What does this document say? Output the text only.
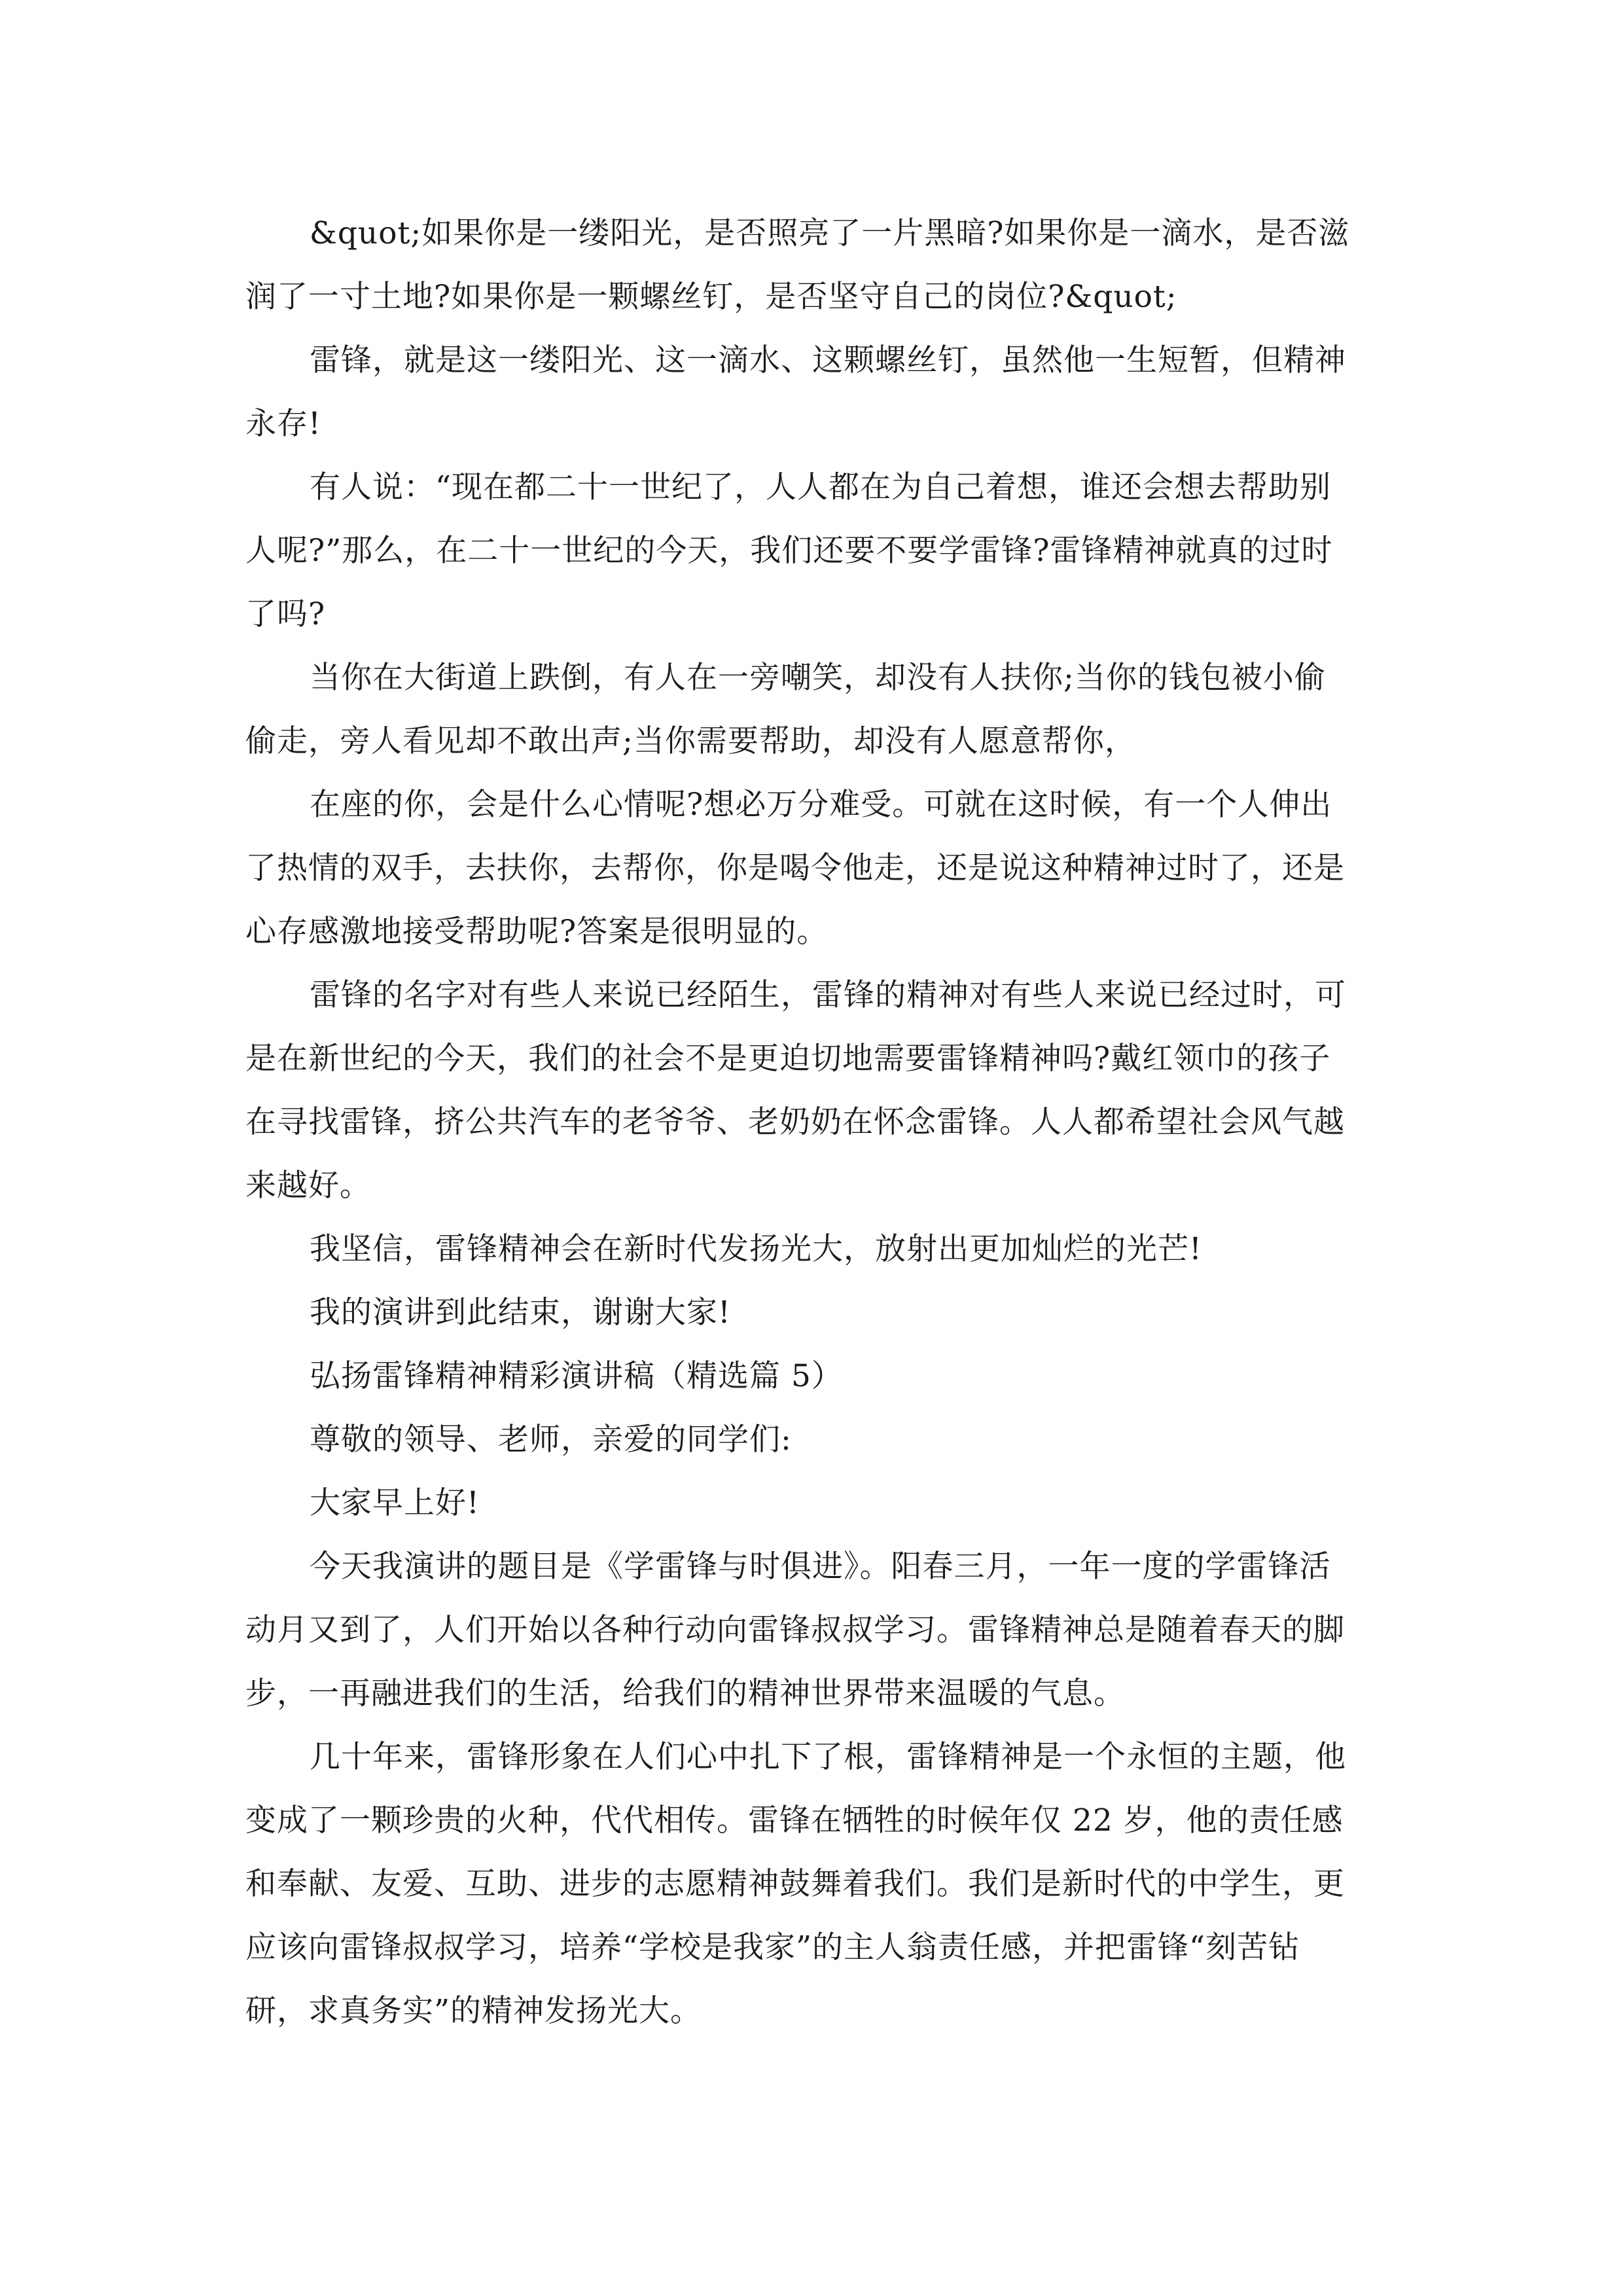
&quot;如果你是一缕阳光，是否照亮了一片黑暗?如果你是一滴水，是否滋
润了一寸土地?如果你是一颗螺丝钉，是否坚守自己的岗位?&quot;
雷锋，就是这一缕阳光、这一滴水、这颗螺丝钉，虽然他一生短暂，但精神
永存!
有人说：“现在都二十一世纪了，人人都在为自己着想，谁还会想去帮助别
人呢?”那么，在二十一世纪的今天，我们还要不要学雷锋?雷锋精神就真的过时
了吗?
当你在大街道上跌倒，有人在一旁嘲笑，却没有人扶你;当你的钱包被小偷
偷走，旁人看见却不敢出声;当你需要帮助，却没有人愿意帮你，
在座的你，会是什么心情呢?想必万分难受。可就在这时候，有一个人伸出
了热情的双手，去扶你，去帮你，你是喝令他走，还是说这种精神过时了，还是
心存感激地接受帮助呢?答案是很明显的。
雷锋的名字对有些人来说已经陌生，雷锋的精神对有些人来说已经过时，可
是在新世纪的今天，我们的社会不是更迫切地需要雷锋精神吗?戴红领巾的孩子
在寻找雷锋，挤公共汽车的老爷爷、老奶奶在怀念雷锋。人人都希望社会风气越
来越好。
我坚信，雷锋精神会在新时代发扬光大，放射出更加灿烂的光芒!
我的演讲到此结束，谢谢大家!
弘扬雷锋精神精彩演讲稿（精选篇 5）
尊敬的领导、老师，亲爱的同学们:
大家早上好!
今天我演讲的题目是《学雷锋与时俱进》。阳春三月，一年一度的学雷锋活
动月又到了，人们开始以各种行动向雷锋叔叔学习。雷锋精神总是随着春天的脚
步，一再融进我们的生活，给我们的精神世界带来温暖的气息。
几十年来，雷锋形象在人们心中扎下了根，雷锋精神是一个永恒的主题，他
变成了一颗珍贵的火种，代代相传。雷锋在牺牲的时候年仅 22 岁，他的责任感
和奉献、友爱、互助、进步的志愿精神鼓舞着我们。我们是新时代的中学生，更
应该向雷锋叔叔学习，培养“学校是我家”的主人翁责任感，并把雷锋“刻苦钻
研，求真务实”的精神发扬光大。
